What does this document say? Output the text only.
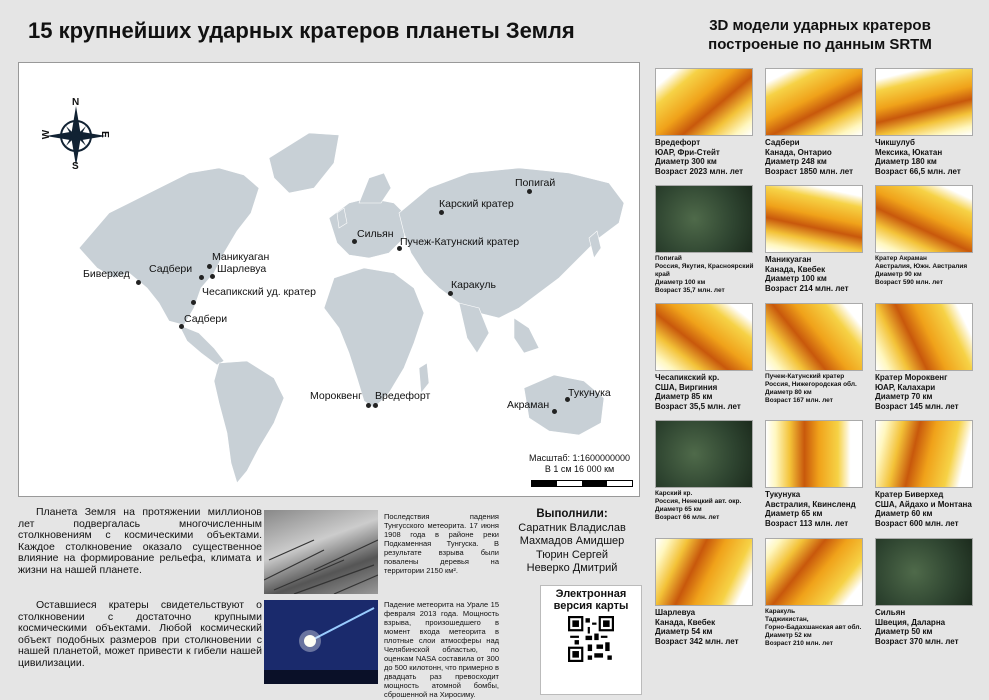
15 крупнейших ударных кратеров планеты Земля	3D модели ударных кратеров
построеные по данным SRTM
N
S
E
W
Попигай
Карский кратер
Сильян
Пучеж-Катунский кратер
Маникуаган
Садбери Шарлевуа
Бивеpхед
Чесапикский уд. кратер
Садбери
Каракуль
Мороквенг Вредефорт	Тукунука
Акраман
Масштаб: 1:1600000000
В 1 см 16 000 км
Планета Земля на протяжении миллионов лет подвергалась многочисленным столкновениям с космическими объектами. Каждое столкновение оказало существенное влияние на формирование рельефа, климата и жизни на нашей планете.
Оставшиеся кратеры свидетельствуют о столкновении с достаточно крупными космическими объектами. Любой космический объект подобных размеров при столкновении с нашей планетой, может привести к гибели нашей цивилизации.
Последствия падения Тунгусского метеорита. 17 июня 1908 года в районе реки Подкаменная Тунгуска. В результате взрыва были повалены деревья на территории 2150 км².
Падение метеорита на Урале 15 февраля 2013 года. Мощность взрыва, произошедшего в момент входа метеорита в плотные слои атмосферы над Челябинской областью, по оценкам NASA составила от 300 до 500 килотонн, что примерно в двадцать раз превосходит мощность атомной бомбы, сброшенной на Хиросиму.
Выполнили:
Саратник Владислав
Махмадов Амидшер
Тюрин Сергей
Неверко Дмитрий
Электронная версия карты
Вредефорт
ЮАР, Фри-Стейт
Диаметр 300 км
Возраст 2023 млн. лет
Садбери
Канада, Онтарио
Диаметр 248 км
Возраст 1850 млн. лет
Чикшулуб
Мексика, Юкатан
Диаметр 180 км
Возраст 66,5 млн. лет
Попигай
Россия, Якутия, Красноярский край
Диаметр 100 км
Возраст 35,7 млн. лет
Маникуаган
Канада, Квебек
Диаметр 100 км
Возраст 214 млн. лет
Кратер Акраман
Австралия, Южн. Австралия
Диаметр 90 км
Возраст 590 млн. лет
Чесапикский кр.
США, Виргиния
Диаметр 85 км
Возраст 35,5 млн. лет
Пучеж-Катунский кратер
Россия, Нижегородская обл.
Диаметр 80 км
Возраст 167 млн. лет
Кратер Мороквенг
ЮАР, Калахари
Диаметр 70 км
Возраст 145 млн. лет
Карский кр.
Россия, Ненецкий авт. окр.
Диаметр 65 км
Возраст 66 млн. лет
Тукунука
Австралия, Квинсленд
Диаметр 65 км
Возраст 113 млн. лет
Кратер Бивеpхед
США, Айдахо и Монтана
Диаметр 60 км
Возраст 600 млн. лет
Шарлевуа
Канада, Квебек
Диаметр 54 км
Возраст 342 млн. лет
Каракуль
Таджикистан,
Горно-Бадахшанская авт обл.
Диаметр 52 км
Возраст 210 млн. лет
Сильян
Швеция, Даларна
Диаметр 50 км
Возраст 370 млн. лет
